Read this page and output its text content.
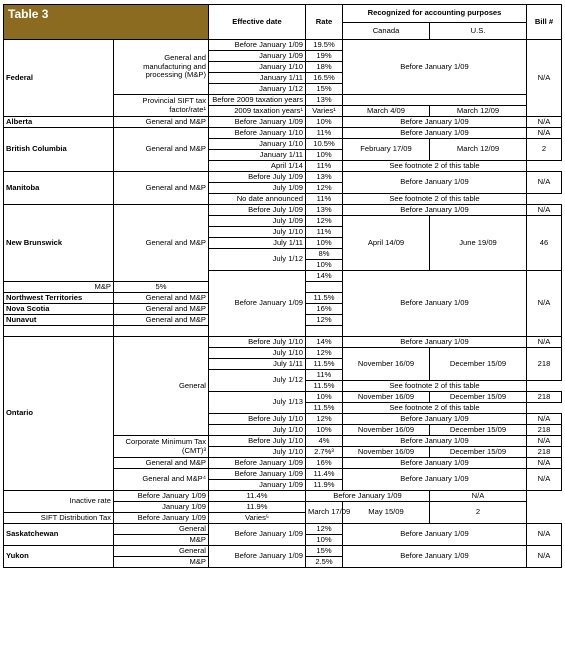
Table 3		Effective date	Rate	Recognized for accounting purposes		Bill #
				Canada	U.S.	
Federal	General and manufacturing and processing (M&P)	Before January 1/09	19.5%	Before January 1/09		N/A
		January 1/09	19%			
		January 1/10	18%			
		January 1/11	16.5%			
		January 1/12	15%			
	Provincial SIFT tax factor/rate¹	Before 2009 taxation years	13%			
		2009 taxation years¹	Varies¹	March 4/09	March 12/09	
Alberta	General and M&P	Before January 1/09	10%	Before January 1/09		N/A
British Columbia	General and M&P	Before January 1/10	11%	Before January 1/09		N/A
		January 1/10	10.5%	February 17/09	March 12/09	2
		January 1/11	10%			
		April 1/14	11%	See footnote 2 of this table		
Manitoba	General and M&P	Before July 1/09	13%	Before January 1/09		N/A
		July 1/09	12%			
		No date announced	11%	See footnote 2 of this table		
New Brunswick	General and M&P	Before July 1/09	13%	Before January 1/09		N/A
		July 1/09	12%	April 14/09	June 19/09	46
		July 1/10	11%			
		July 1/11	10%			
		July 1/12	8%			
			10%			
		Before January 1/09	14%	Before January 1/09		N/A
M&P	5%					
Northwest Territories	General and M&P		11.5%			
Nova Scotia	General and M&P		16%			
Nunavut	General and M&P		12%			

Ontario	General	Before July 1/10	14%	Before January 1/09		N/A
		July 1/10	12%	November 16/09	December 15/09	218
		July 1/11	11.5%			
		July 1/12	11%			
			11.5%	See footnote 2 of this table		
		July 1/13	10%	November 16/09	December 15/09	218
			11.5%	See footnote 2 of this table		
		Before July 1/10	12%	Before January 1/09		N/A
		July 1/10	10%	November 16/09	December 15/09	218
	Corporate Minimum Tax (CMT)³	Before July 1/10	4%	Before January 1/09		N/A
		July 1/10	2.7%³	November 16/09	December 15/09	218
	General and M&P	Before January 1/09	16%	Before January 1/09		N/A
	General and M&P⁴	Before January 1/09	11.4%	Before January 1/09		N/A
		January 1/09	11.9%			
Inactive rate	Before January 1/09	11.4%	Before January 1/09		N/A	
	January 1/09	11.9%	March 17/09	May 15/09	2	
SIFT Distribution Tax	Before January 1/09	Varies⁵				
Saskatchewan	General	Before January 1/09	12%	Before January 1/09		N/A
	M&P		10%			
Yukon	General	Before January 1/09	15%	Before January 1/09		N/A
	M&P		2.5%			
